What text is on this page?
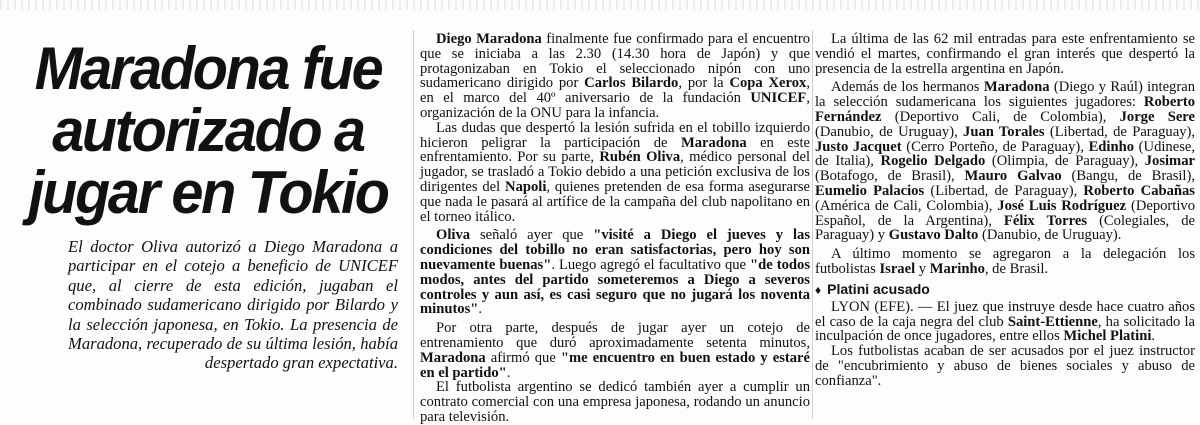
Maradona fue autorizado a jugar en Tokio

El doctor Oliva autorizó a Diego Maradona a participar en el cotejo a beneficio de UNICEF que, al cierre de esta edición, jugaban el combinado sudamericano dirigido por Bilardo y la selección japonesa, en Tokio. La presencia de Maradona, recuperado de su última lesión, había despertado gran expectativa.

Diego Maradona finalmente fue confirmado para el encuentro que se iniciaba a las 2.30 (14.30 hora de Japón) y que protagonizaban en Tokio el seleccionado nipón con uno sudamericano dirigido por Carlos Bilardo, por la Copa Xerox, en el marco del 40º aniversario de la fundación UNICEF, organización de la ONU para la infancia.

Las dudas que despertó la lesión sufrida en el tobillo izquierdo hicieron peligrar la participación de Maradona en este enfrentamiento. Por su parte, Rubén Oliva, médico personal del jugador, se trasladó a Tokio debido a una petición exclusiva de los dirigentes del Napoli, quienes pretenden de esa forma asegurarse que nada le pasará al artífice de la campaña del club napolitano en el torneo itálico.

Oliva señaló ayer que "visité a Diego el jueves y las condiciones del tobillo no eran satisfactorias, pero hoy son nuevamente buenas". Luego agregó el facultativo que "de todos modos, antes del partido someteremos a Diego a severos controles y aun así, es casi seguro que no jugará los noventa minutos".

Por otra parte, después de jugar ayer un cotejo de entrenamiento que duró aproximadamente setenta minutos, Maradona afirmó que "me encuentro en buen estado y estaré en el partido".

El futbolista argentino se dedicó también ayer a cumplir un contrato comercial con una empresa japonesa, rodando un anuncio para televisión.

La última de las 62 mil entradas para este enfrentamiento se vendió el martes, confirmando el gran interés que despertó la presencia de la estrella argentina en Japón.

Además de los hermanos Maradona (Diego y Raúl) integran la selección sudamericana los siguientes jugadores: Roberto Fernández (Deportivo Cali, de Colombia), Jorge Sere (Danubio, de Uruguay), Juan Torales (Libertad, de Paraguay), Justo Jacquet (Cerro Porteño, de Paraguay), Edinho (Udinese, de Italia), Rogelio Delgado (Olimpia, de Paraguay), Josimar (Botafogo, de Brasil), Mauro Galvao (Bangu, de Brasil), Eumelio Palacios (Libertad, de Paraguay), Roberto Cabañas (América de Cali, Colombia), José Luis Rodríguez (Deportivo Español, de la Argentina), Félix Torres (Colegiales, de Paraguay) y Gustavo Dalto (Danubio, de Uruguay).

A último momento se agregaron a la delegación los futbolistas Israel y Marinho, de Brasil.

♦ Platini acusado

LYON (EFE). — El juez que instruye desde hace cuatro años el caso de la caja negra del club Saint-Ettienne, ha solicitado la inculpación de once jugadores, entre ellos Michel Platini.

Los futbolistas acaban de ser acusados por el juez instructor de "encubrimiento y abuso de bienes sociales y abuso de confianza".
